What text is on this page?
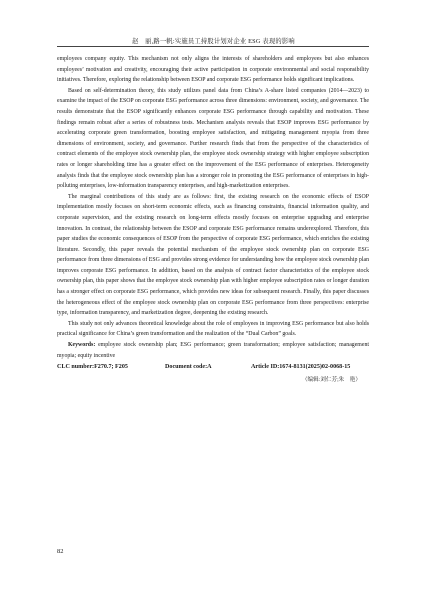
赵　丽,路一帆:实施员工持股计划对企业 ESG 表现的影响

employees company equity. This mechanism not only aligns the interests of shareholders and employees but also enhances employees’ motivation and creativity, encouraging their active participation in corporate environmental and social responsibility initiatives. Therefore, exploring the relationship between ESOP and corporate ESG performance holds significant implications.

Based on self-determination theory, this study utilizes panel data from China’s A-share listed companies (2014—2023) to examine the impact of the ESOP on corporate ESG performance across three dimensions: environment, society, and governance. The results demonstrate that the ESOP significantly enhances corporate ESG performance through capability and motivation. These findings remain robust after a series of robustness tests. Mechanism analysis reveals that ESOP improves ESG performance by accelerating corporate green transformation, boosting employee satisfaction, and mitigating management myopia from three dimensions of environment, society, and governance. Further research finds that from the perspective of the characteristics of contract elements of the employee stock ownership plan, the employee stock ownership strategy with higher employee subscription rates or longer shareholding time has a greater effect on the improvement of the ESG performance of enterprises. Heterogeneity analysis finds that the employee stock ownership plan has a stronger role in promoting the ESG performance of enterprises in high-polluting enterprises, low-information transparency enterprises, and high-marketization enterprises.

The marginal contributions of this study are as follows: first, the existing research on the economic effects of ESOP implementation mostly focuses on short-term economic effects, such as financing constraints, financial information quality, and corporate supervision, and the existing research on long-term effects mostly focuses on enterprise upgrading and enterprise innovation. In contrast, the relationship between the ESOP and corporate ESG performance remains underexplored. Therefore, this paper studies the economic consequences of ESOP from the perspective of corporate ESG performance, which enriches the existing literature. Secondly, this paper reveals the potential mechanism of the employee stock ownership plan on corporate ESG performance from three dimensions of ESG and provides strong evidence for understanding how the employee stock ownership plan improves corporate ESG performance. In addition, based on the analysis of contract factor characteristics of the employee stock ownership plan, this paper shows that the employee stock ownership plan with higher employee subscription rates or longer duration has a stronger effect on corporate ESG performance, which provides new ideas for subsequent research. Finally, this paper discusses the heterogeneous effect of the employee stock ownership plan on corporate ESG performance from three perspectives: enterprise type, information transparency, and marketization degree, deepening the existing research.

This study not only advances theoretical knowledge about the role of employees in improving ESG performance but also holds practical significance for China’s green transformation and the realization of the “Dual Carbon” goals.

Keywords: employee stock ownership plan; ESG performance; green transformation; employee satisfaction; management myopia; equity incentive

CLC number:F270.7; F205	Document code:A	Article ID:1674-8131(2025)02-0068-15
（编辑:刘仁芳;朱　艳）
82
